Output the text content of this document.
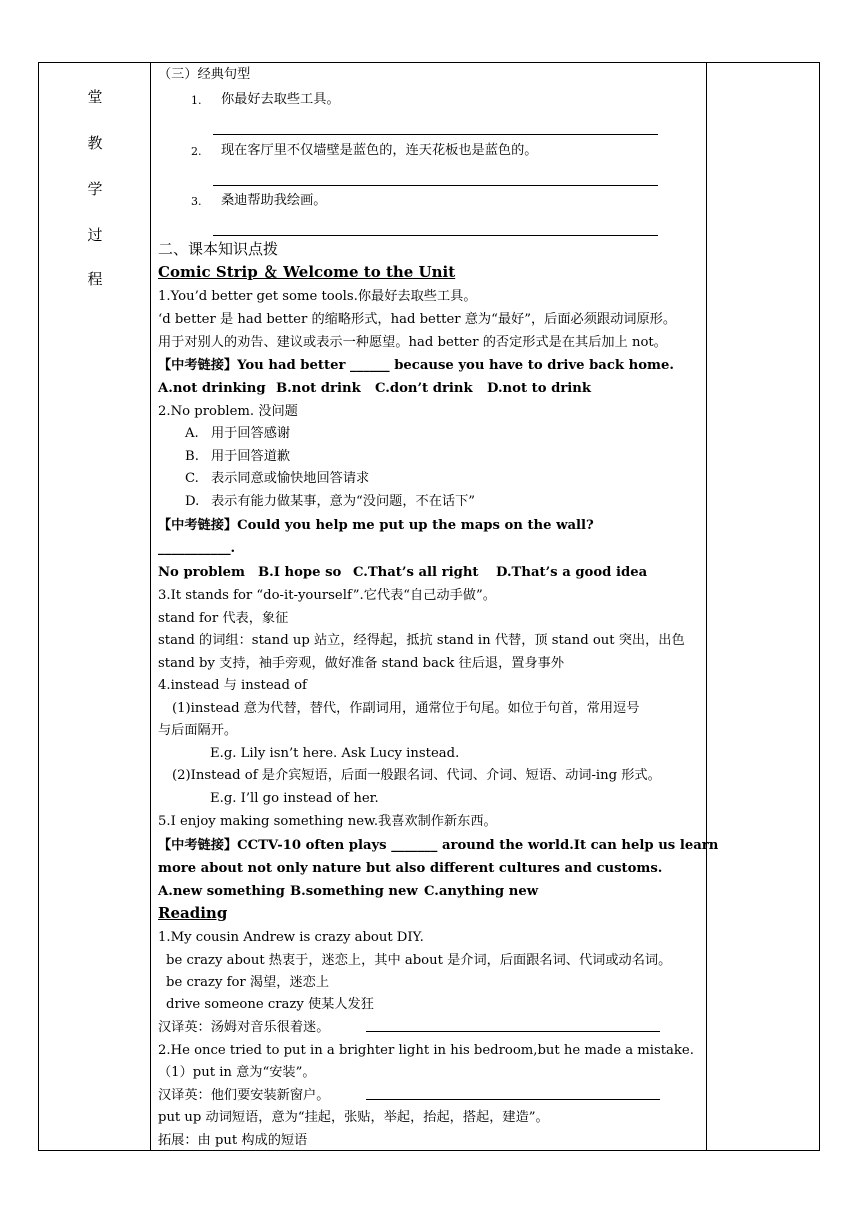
堂
教
学
过
程
（三）经典句型
1. 你最好去取些工具。
2. 现在客厅里不仅墙壁是蓝色的，连天花板也是蓝色的。
3. 桑迪帮助我绘画。
二、课本知识点拨
Comic Strip ＆ Welcome to the Unit
1.You’d better get some tools.你最好去取些工具。
‘d better 是 had better 的缩略形式，had better 意为“最好”，后面必须跟动词原形。
用于对别人的劝告、建议或表示一种愿望。had better 的否定形式是在其后加上 not。
【中考链接】You had better ______ because you have to drive back home.
A.not drinking B.not drink C.don’t drink D.not to drink
2.No problem. 没问题
A. 用于回答感谢
B. 用于回答道歉
C. 表示同意或愉快地回答请求
D. 表示有能力做某事，意为“没问题，不在话下”
【中考链接】Could you help me put up the maps on the wall?
___________.
No problem B.I hope so C.That’s all right D.That’s a good idea
3.It stands for “do-it-yourself”.它代表“自己动手做”。
stand for 代表，象征
stand 的词组：stand up 站立，经得起，抵抗 stand in 代替，顶 stand out 突出，出色
stand by 支持，袖手旁观，做好准备 stand back 往后退，置身事外
4.instead 与 instead of
(1)instead 意为代替，替代，作副词用，通常位于句尾。如位于句首，常用逗号
与后面隔开。
E.g. Lily isn’t here. Ask Lucy instead.
(2)Instead of 是介宾短语，后面一般跟名词、代词、介词、短语、动词-ing 形式。
E.g. I’ll go instead of her.
5.I enjoy making something new.我喜欢制作新东西。
【中考链接】CCTV-10 often plays _______ around the world.It can help us learn
more about not only nature but also different cultures and customs.
A.new something B.something new C.anything new
Reading
1.My cousin Andrew is crazy about DIY.
be crazy about 热衷于，迷恋上，其中 about 是介词，后面跟名词、代词或动名词。
be crazy for 渴望，迷恋上
drive someone crazy 使某人发狂
汉译英：汤姆对音乐很着迷。
2.He once tried to put in a brighter light in his bedroom,but he made a mistake.
（1）put in 意为“安装”。
汉译英：他们要安装新窗户。
put up 动词短语，意为“挂起，张贴，举起，抬起，搭起，建造”。
拓展：由 put 构成的短语
